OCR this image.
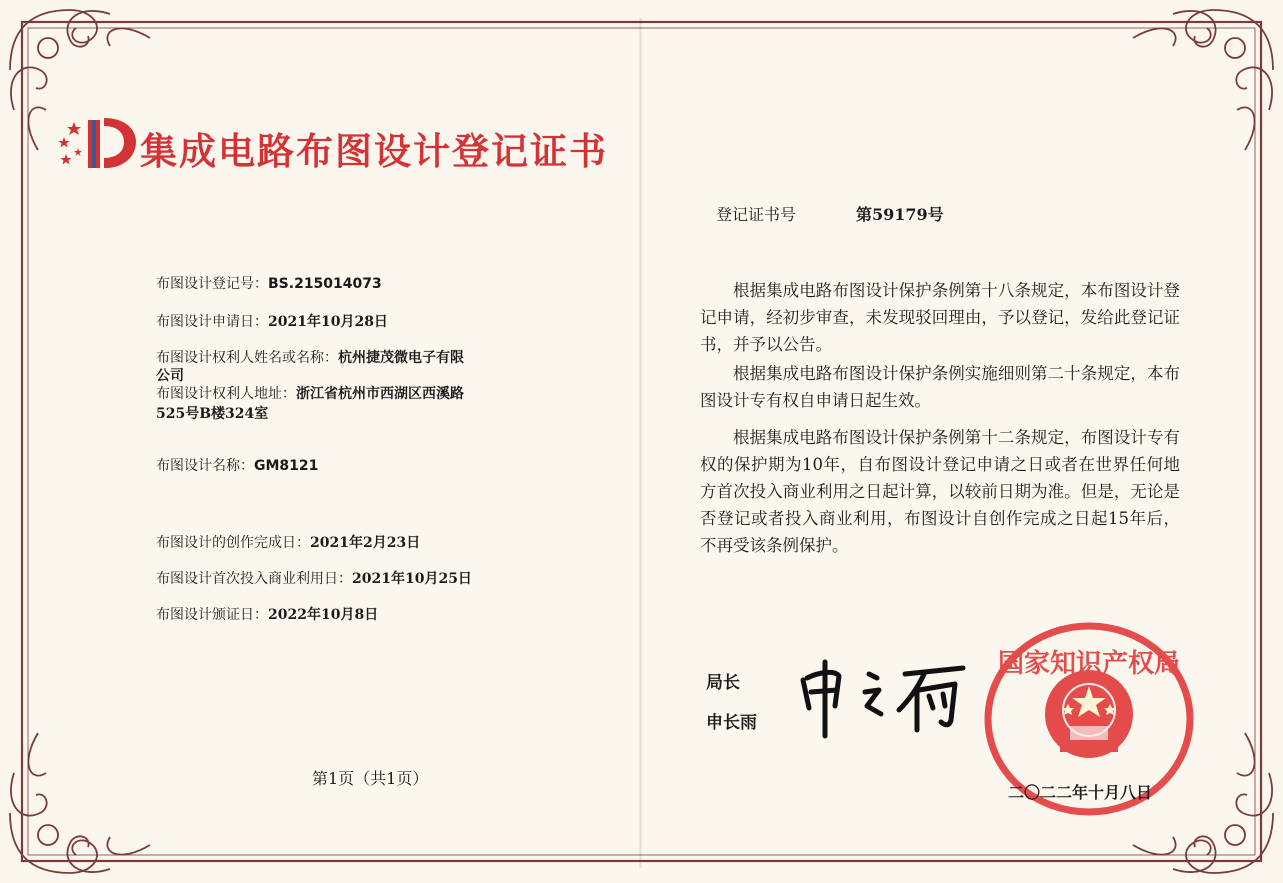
集成电路布图设计登记证书
布图设计登记号：BS.215014073
布图设计申请日：2021年10月28日
布图设计权利人姓名或名称：杭州捷茂微电子有限
公司
布图设计权利人地址：浙江省杭州市西湖区西溪路
525号B楼324室
布图设计名称：GM8121
布图设计的创作完成日：2021年2月23日
布图设计首次投入商业利用日：2021年10月25日
布图设计颁证日：2022年10月8日
第1页（共1页）
登记证书号	第59179号
根据集成电路布图设计保护条例第十八条规定，本布图设计登记申请，经初步审查，未发现驳回理由，予以登记，发给此登记证书，并予以公告。
根据集成电路布图设计保护条例实施细则第二十条规定，本布图设计专有权自申请日起生效。
根据集成电路布图设计保护条例第十二条规定，布图设计专有权的保护期为10年，自布图设计登记申请之日或者在世界任何地方首次投入商业利用之日起计算，以较前日期为准。但是，无论是否登记或者投入商业利用，布图设计自创作完成之日起15年后，不再受该条例保护。
局长
申长雨
国家知识产权局
二〇二二年十月八日
